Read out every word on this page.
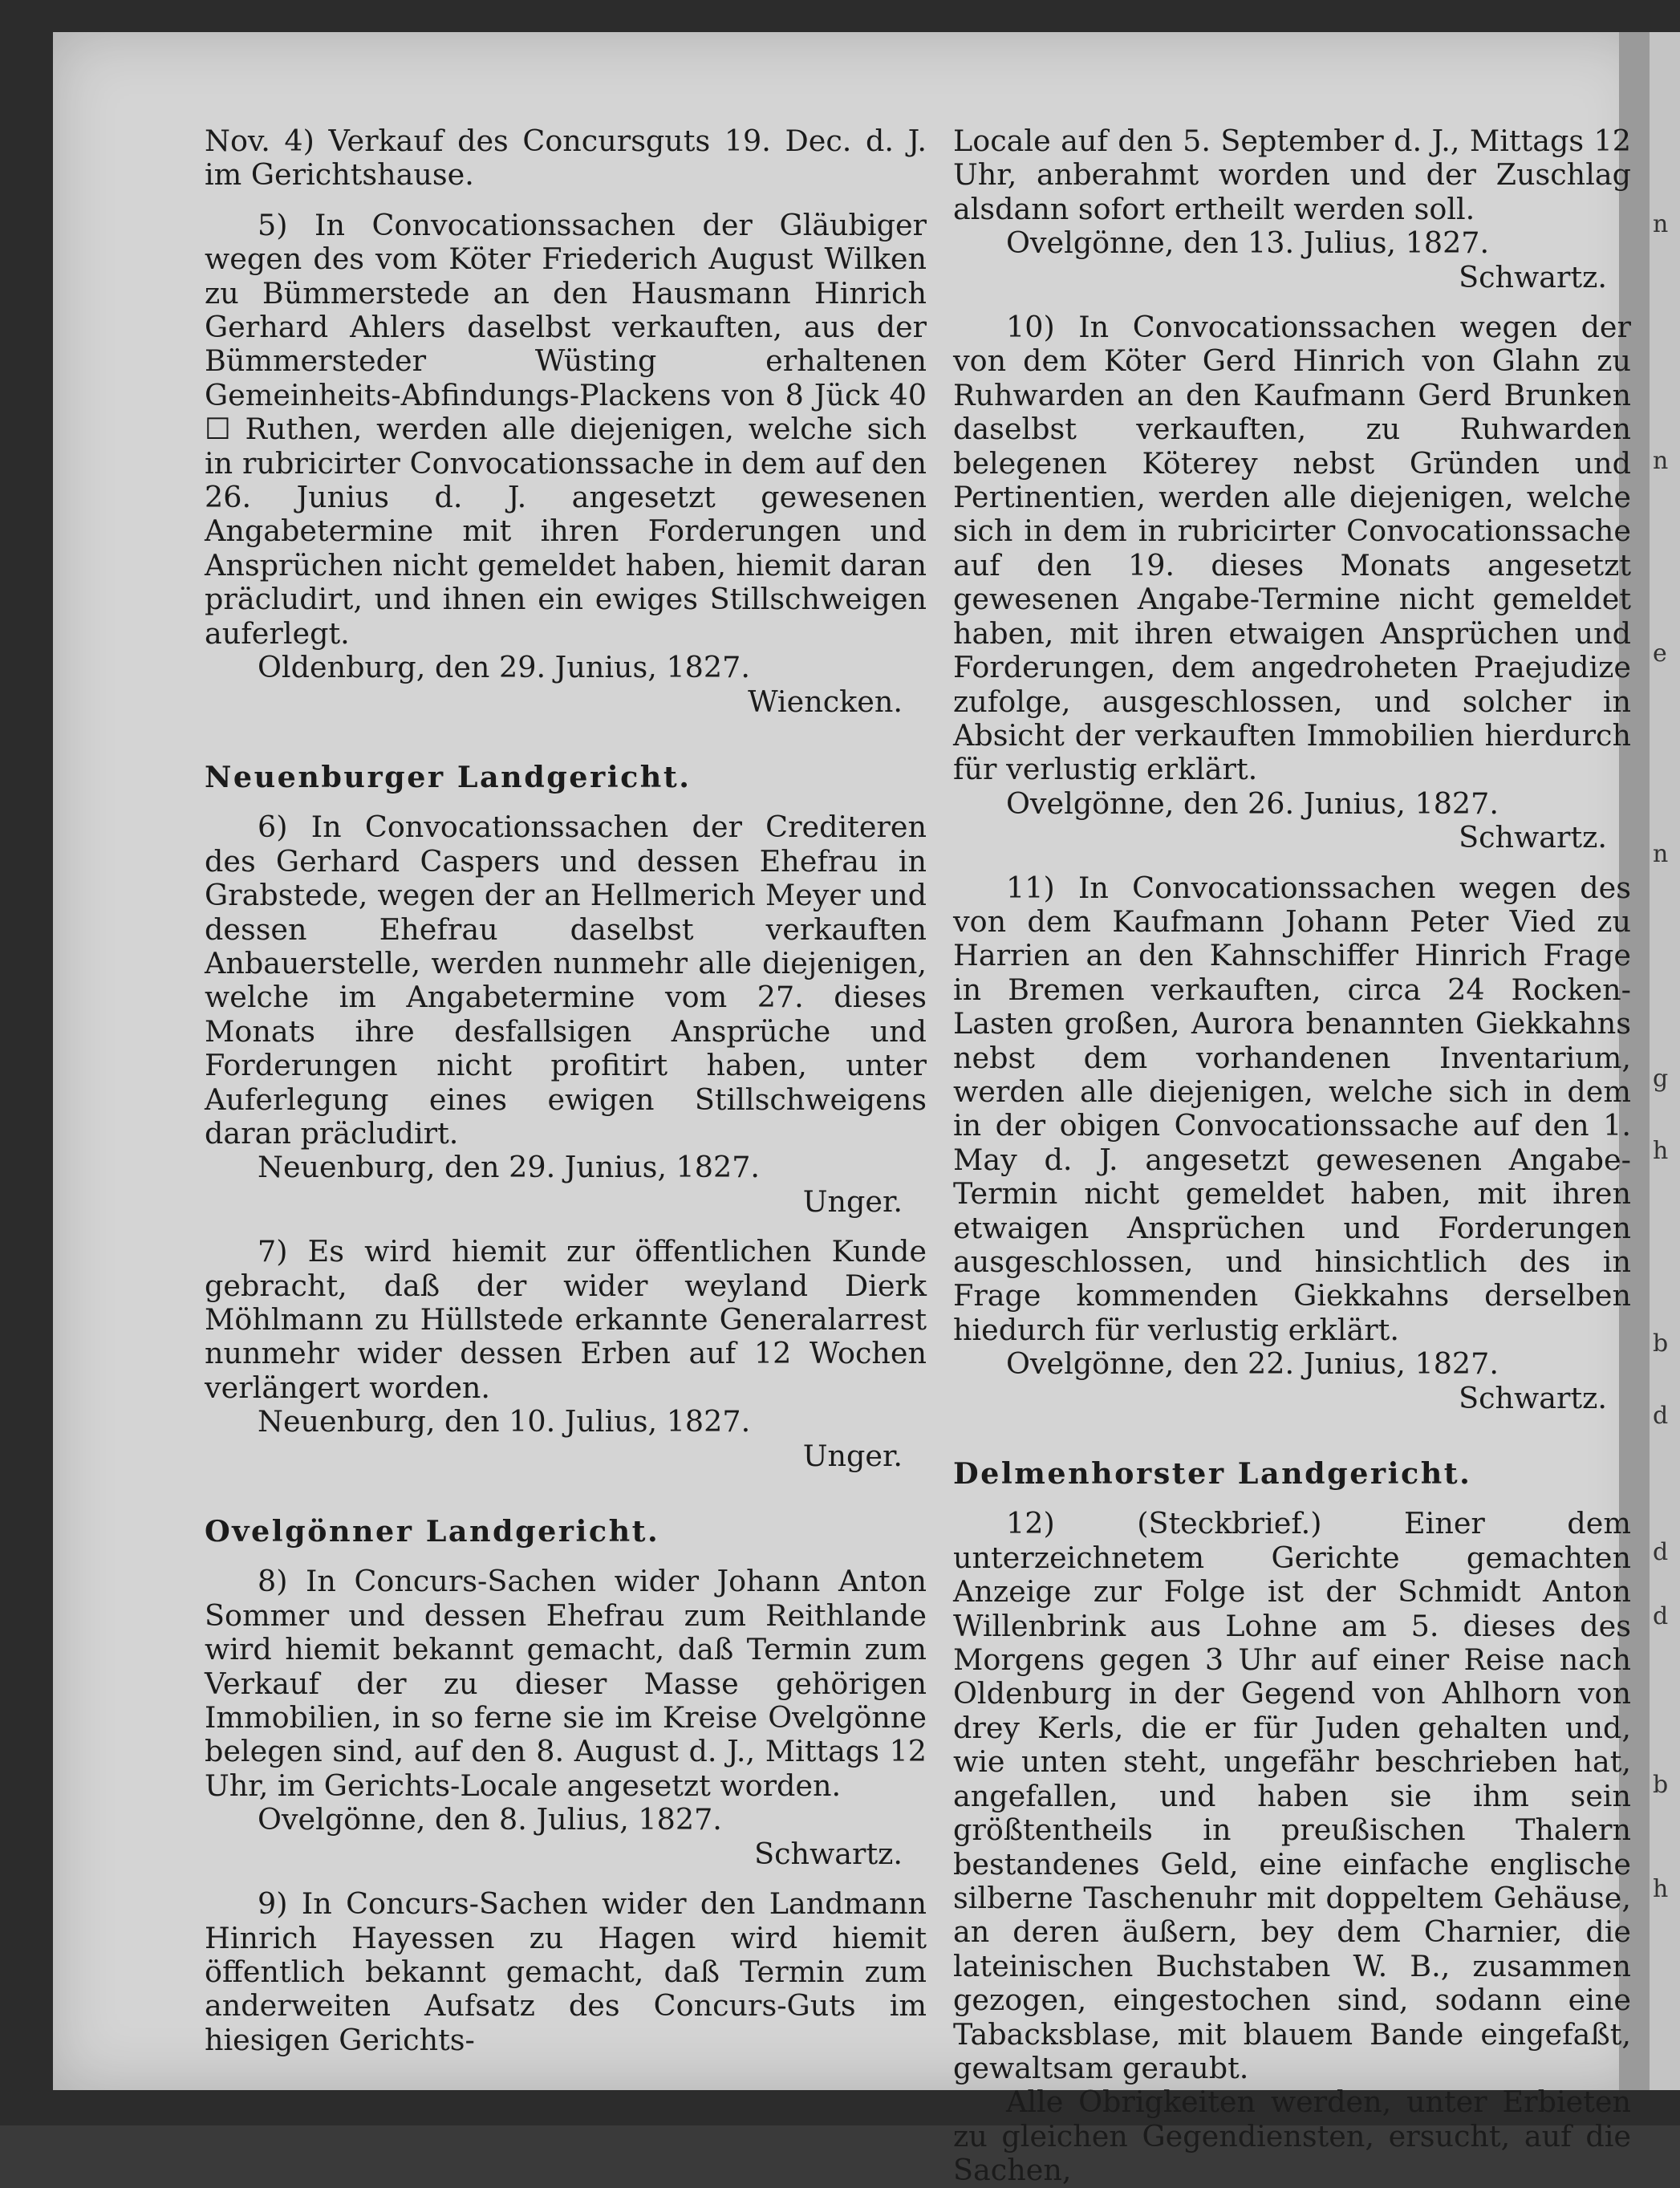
n
n
e
n
g
h
b
d
d
d
b
h

Nov. 4) Verkauf des Concursguts 19. Dec. d. J. im Gerichtshause.

5) In Convocationssachen der Gläubiger wegen des vom Köter Friederich August Wilken zu Bümmerstede an den Hausmann Hinrich Gerhard Ahlers daselbst verkauften, aus der Bümmersteder Wüsting erhaltenen Gemeinheits-Abfindungs-Plackens von 8 Jück 40 ☐ Ruthen, werden alle diejenigen, welche sich in rubricirter Convocationssache in dem auf den 26. Junius d. J. angesetzt gewesenen Angabetermine mit ihren Forderungen und Ansprüchen nicht gemeldet haben, hiemit daran präcludirt, und ihnen ein ewiges Stillschweigen auferlegt.

Oldenburg, den 29. Junius, 1827.

Wiencken.

Neuenburger Landgericht.

6) In Convocationssachen der Crediteren des Gerhard Caspers und dessen Ehefrau in Grabstede, wegen der an Hellmerich Meyer und dessen Ehefrau daselbst verkauften Anbauerstelle, werden nunmehr alle diejenigen, welche im Angabetermine vom 27. dieses Monats ihre desfallsigen Ansprüche und Forderungen nicht profitirt haben, unter Auferlegung eines ewigen Stillschweigens daran präcludirt.

Neuenburg, den 29. Junius, 1827.

Unger.

7) Es wird hiemit zur öffentlichen Kunde gebracht, daß der wider weyland Dierk Möhlmann zu Hüllstede erkannte Generalarrest nunmehr wider dessen Erben auf 12 Wochen verlängert worden.

Neuenburg, den 10. Julius, 1827.

Unger.

Ovelgönner Landgericht.

8) In Concurs-Sachen wider Johann Anton Sommer und dessen Ehefrau zum Reithlande wird hiemit bekannt gemacht, daß Termin zum Verkauf der zu dieser Masse gehörigen Immobilien, in so ferne sie im Kreise Ovelgönne belegen sind, auf den 8. August d. J., Mittags 12 Uhr, im Gerichts-Locale angesetzt worden.

Ovelgönne, den 8. Julius, 1827.

Schwartz.

9) In Concurs-Sachen wider den Landmann Hinrich Hayessen zu Hagen wird hiemit öffentlich bekannt gemacht, daß Termin zum anderweiten Aufsatz des Concurs-Guts im hiesigen Gerichts-

Locale auf den 5. September d. J., Mittags 12 Uhr, anberahmt worden und der Zuschlag alsdann sofort ertheilt werden soll.

Ovelgönne, den 13. Julius, 1827.

Schwartz.

10) In Convocationssachen wegen der von dem Köter Gerd Hinrich von Glahn zu Ruhwarden an den Kaufmann Gerd Brunken daselbst verkauften, zu Ruhwarden belegenen Köterey nebst Gründen und Pertinentien, werden alle diejenigen, welche sich in dem in rubricirter Convocationssache auf den 19. dieses Monats angesetzt gewesenen Angabe-Termine nicht gemeldet haben, mit ihren etwaigen Ansprüchen und Forderungen, dem angedroheten Praejudize zufolge, ausgeschlossen, und solcher in Absicht der verkauften Immobilien hierdurch für verlustig erklärt.

Ovelgönne, den 26. Junius, 1827.

Schwartz.

11) In Convocationssachen wegen des von dem Kaufmann Johann Peter Vied zu Harrien an den Kahnschiffer Hinrich Frage in Bremen verkauften, circa 24 Rocken-Lasten großen, Aurora benannten Giekkahns nebst dem vorhandenen Inventarium, werden alle diejenigen, welche sich in dem in der obigen Convocationssache auf den 1. May d. J. angesetzt gewesenen Angabe-Termin nicht gemeldet haben, mit ihren etwaigen Ansprüchen und Forderungen ausgeschlossen, und hinsichtlich des in Frage kommenden Giekkahns derselben hiedurch für verlustig erklärt.

Ovelgönne, den 22. Junius, 1827.

Schwartz.

Delmenhorster Landgericht.

12) (Steckbrief.) Einer dem unterzeichnetem Gerichte gemachten Anzeige zur Folge ist der Schmidt Anton Willenbrink aus Lohne am 5. dieses des Morgens gegen 3 Uhr auf einer Reise nach Oldenburg in der Gegend von Ahlhorn von drey Kerls, die er für Juden gehalten und, wie unten steht, ungefähr beschrieben hat, angefallen, und haben sie ihm sein größtentheils in preußischen Thalern bestandenes Geld, eine einfache englische silberne Taschenuhr mit doppeltem Gehäuse, an deren äußern, bey dem Charnier, die lateinischen Buchstaben W. B., zusammen gezogen, eingestochen sind, sodann eine Tabacksblase, mit blauem Bande eingefaßt, gewaltsam geraubt.

Alle Obrigkeiten werden, unter Erbieten zu gleichen Gegendiensten, ersucht, auf die Sachen,
